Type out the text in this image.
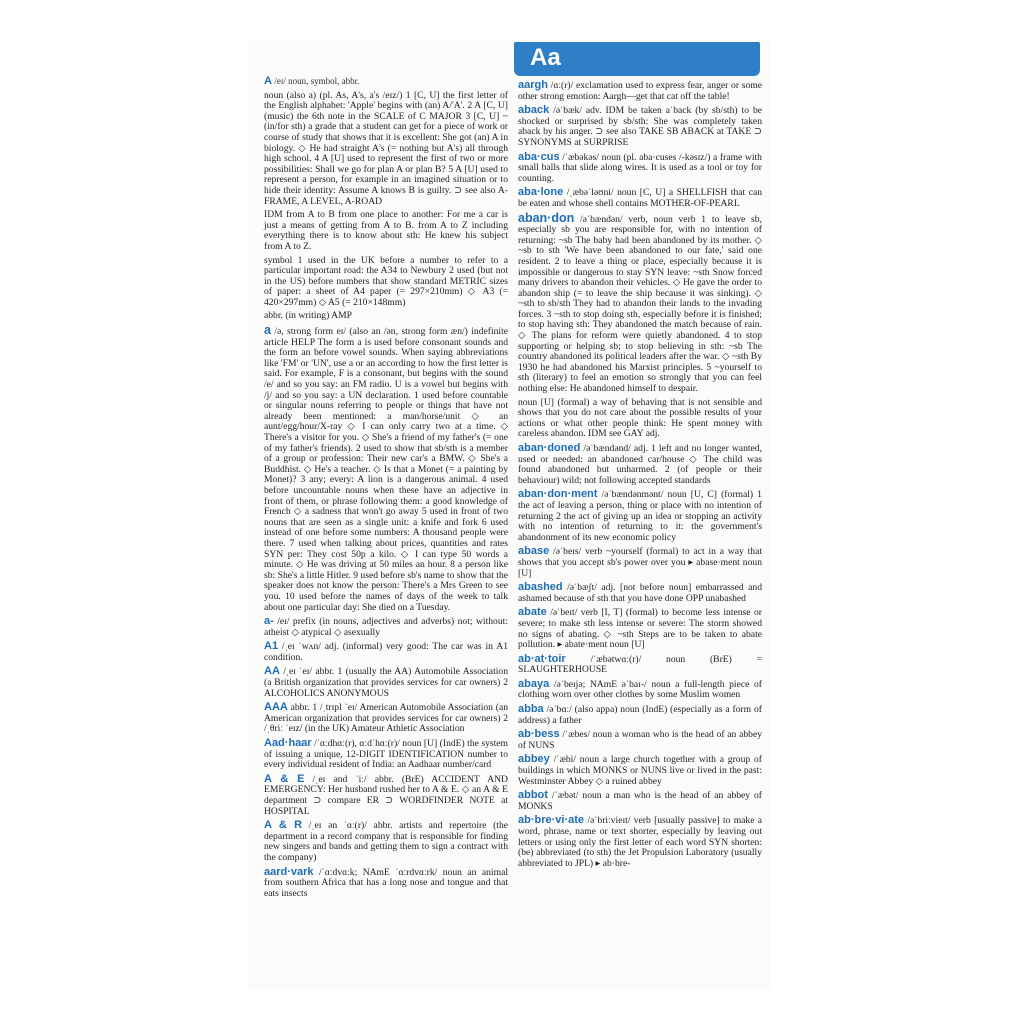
Aa
A /eɪ/ noun, symbol, abbr.
noun (also a) (pl. As, A's, a's /eɪz/) 1 [C, U] the first letter of the English alphabet: 'Apple' begins with (an) A/'A'. 2 A [C, U] (music) the 6th note in the SCALE of C MAJOR 3 [C, U] ~(in/for sth) a grade that a student can get for a piece of work or course of study that shows that it is excellent: She got (an) A in biology. ◇ He had straight A's (= nothing but A's) all through high school. 4 A [U] used to represent the first of two or more possibilities: Shall we go for plan A or plan B? 5 A [U] used to represent a person, for example in an imagined situation or to hide their identity: Assume A knows B is guilty. ⊃ see also A-FRAME, A LEVEL, A-ROAD
IDM from A to B from one place to another: For me a car is just a means of getting from A to B. from A to Z including everything there is to know about sth: He knew his subject from A to Z.
symbol 1 used in the UK before a number to refer to a particular important road: the A34 to Newbury 2 used (but not in the US) before numbers that show standard METRIC sizes of paper: a sheet of A4 paper (= 297×210mm) ◇ A3 (= 420×297mm) ◇ A5 (= 210×148mm)
abbr. (in writing) AMP
a /ə, strong form eɪ/ (also an /ən, strong form æn/) indefinite article HELP The form a is used before consonant sounds and the form an before vowel sounds. When saying abbreviations like 'FM' or 'UN', use a or an according to how the first letter is said. For example, F is a consonant, but begins with the sound /e/ and so you say: an FM radio. U is a vowel but begins with /j/ and so you say: a UN declaration. 1 used before countable or singular nouns referring to people or things that have not already been mentioned: a man/horse/unit ◇ an aunt/egg/hour/X-ray ◇ I can only carry two at a time. ◇ There's a visitor for you. ◇ She's a friend of my father's (= one of my father's friends). 2 used to show that sb/sth is a member of a group or profession: Their new car's a BMW. ◇ She's a Buddhist. ◇ He's a teacher. ◇ Is that a Monet (= a painting by Monet)? 3 any; every: A lion is a dangerous animal. 4 used before uncountable nouns when these have an adjective in front of them, or phrase following them: a good knowledge of French ◇ a sadness that won't go away 5 used in front of two nouns that are seen as a single unit: a knife and fork 6 used instead of one before some numbers: A thousand people were there. 7 used when talking about prices, quantities and rates SYN per: They cost 50p a kilo. ◇ I can type 50 words a minute. ◇ He was driving at 50 miles an hour. 8 a person like sb: She's a little Hitler. 9 used before sb's name to show that the speaker does not know the person: There's a Mrs Green to see you. 10 used before the names of days of the week to talk about one particular day: She died on a Tuesday.
a- /eɪ/ prefix (in nouns, adjectives and adverbs) not; without: atheist ◇ atypical ◇ asexually
A1 /ˌeɪ ˈwʌn/ adj. (informal) very good: The car was in A1 condition.
AA /ˌeɪ ˈeɪ/ abbr. 1 (usually the AA) Automobile Association (a British organization that provides services for car owners) 2 ALCOHOLICS ANONYMOUS
AAA abbr. 1 /ˌtrɪpl ˈeɪ/ American Automobile Association (an American organization that provides services for car owners) 2 /ˌθriː ˈeɪz/ (in the UK) Amateur Athletic Association
Aad·haar /ˈɑːdhɑː(r), ɑːdˈhɑː(r)/ noun [U] (IndE) the system of issuing a unique, 12-DIGIT IDENTIFICATION number to every individual resident of India: an Aadhaar number/card
A & E /ˌeɪ ənd ˈiː/ abbr. (BrE) ACCIDENT AND EMERGENCY: Her husband rushed her to A & E. ◇ an A & E department ⊃ compare ER ⊃ WORDFINDER NOTE at HOSPITAL
A & R /ˌeɪ ən ˈɑː(r)/ abbr. artists and repertoire (the department in a record company that is responsible for finding new singers and bands and getting them to sign a contract with the company)
aard·vark /ˈɑːdvɑːk; NAmE ˈɑːrdvɑːrk/ noun an animal from southern Africa that has a long nose and tongue and that eats insects
aargh /ɑː(r)/ exclamation used to express fear, anger or some other strong emotion: Aargh—get that cat off the table!
aback /əˈbæk/ adv. IDM be taken aˈback (by sb/sth) to be shocked or surprised by sb/sth: She was completely taken aback by his anger. ⊃ see also TAKE SB ABACK at TAKE ⊃ SYNONYMS at SURPRISE
aba·cus /ˈæbəkəs/ noun (pl. aba·cuses /-kəsɪz/) a frame with small balls that slide along wires. It is used as a tool or toy for counting.
aba·lone /ˌæbəˈləʊni/ noun [C, U] a SHELLFISH that can be eaten and whose shell contains MOTHER-OF-PEARL
aban·don /əˈbændən/ verb, noun verb 1 to leave sb, especially sb you are responsible for, with no intention of returning: ~sb The baby had been abandoned by its mother. ◇ ~sb to sth 'We have been abandoned to our fate,' said one resident. 2 to leave a thing or place, especially because it is impossible or dangerous to stay SYN leave: ~sth Snow forced many drivers to abandon their vehicles. ◇ He gave the order to abandon ship (= to leave the ship because it was sinking). ◇ ~sth to sb/sth They had to abandon their lands to the invading forces. 3 ~sth to stop doing sth, especially before it is finished; to stop having sth: They abandoned the match because of rain. ◇ The plans for reform were quietly abandoned. 4 to stop supporting or helping sb; to stop believing in sth: ~sb The country abandoned its political leaders after the war. ◇ ~sth By 1930 he had abandoned his Marxist principles. 5 ~yourself to sth (literary) to feel an emotion so strongly that you can feel nothing else: He abandoned himself to despair.
noun [U] (formal) a way of behaving that is not sensible and shows that you do not care about the possible results of your actions or what other people think: He spent money with careless abandon. IDM see GAY adj.
aban·doned /əˈbændənd/ adj. 1 left and no longer wanted, used or needed: an abandoned car/house ◇ The child was found abandoned but unharmed. 2 (of people or their behaviour) wild; not following accepted standards
aban·don·ment /əˈbændənmənt/ noun [U, C] (formal) 1 the act of leaving a person, thing or place with no intention of returning 2 the act of giving up an idea or stopping an activity with no intention of returning to it: the government's abandonment of its new economic policy
abase /əˈbeɪs/ verb ~yourself (formal) to act in a way that shows that you accept sb's power over you ▸ abase·ment noun [U]
abashed /əˈbæʃt/ adj. [not before noun] embarrassed and ashamed because of sth that you have done OPP unabashed
abate /əˈbeɪt/ verb [I, T] (formal) to become less intense or severe; to make sth less intense or severe: The storm showed no signs of abating. ◇ ~sth Steps are to be taken to abate pollution. ▸ abate·ment noun [U]
ab·at·toir	/ˈæbətwɑː(r)/ noun (BrE) = SLAUGHTERHOUSE
abaya /əˈbeɪjə; NAmE əˈbaɪ-/ noun a full-length piece of clothing worn over other clothes by some Muslim women
abba /əˈbɑː/ (also appa) noun (IndE) (especially as a form of address) a father
ab·bess /ˈæbes/ noun a woman who is the head of an abbey of NUNS
abbey /ˈæbi/ noun a large church together with a group of buildings in which MONKS or NUNS live or lived in the past: Westminster Abbey ◇ a ruined abbey
abbot /ˈæbət/ noun a man who is the head of an abbey of MONKS
ab·bre·vi·ate /əˈbriːvieɪt/ verb [usually passive] to make a word, phrase, name or text shorter, especially by leaving out letters or using only the first letter of each word SYN shorten: (be) abbreviated (to sth) the Jet Propulsion Laboratory (usually abbreviated to JPL) ▸ ab·bre-
